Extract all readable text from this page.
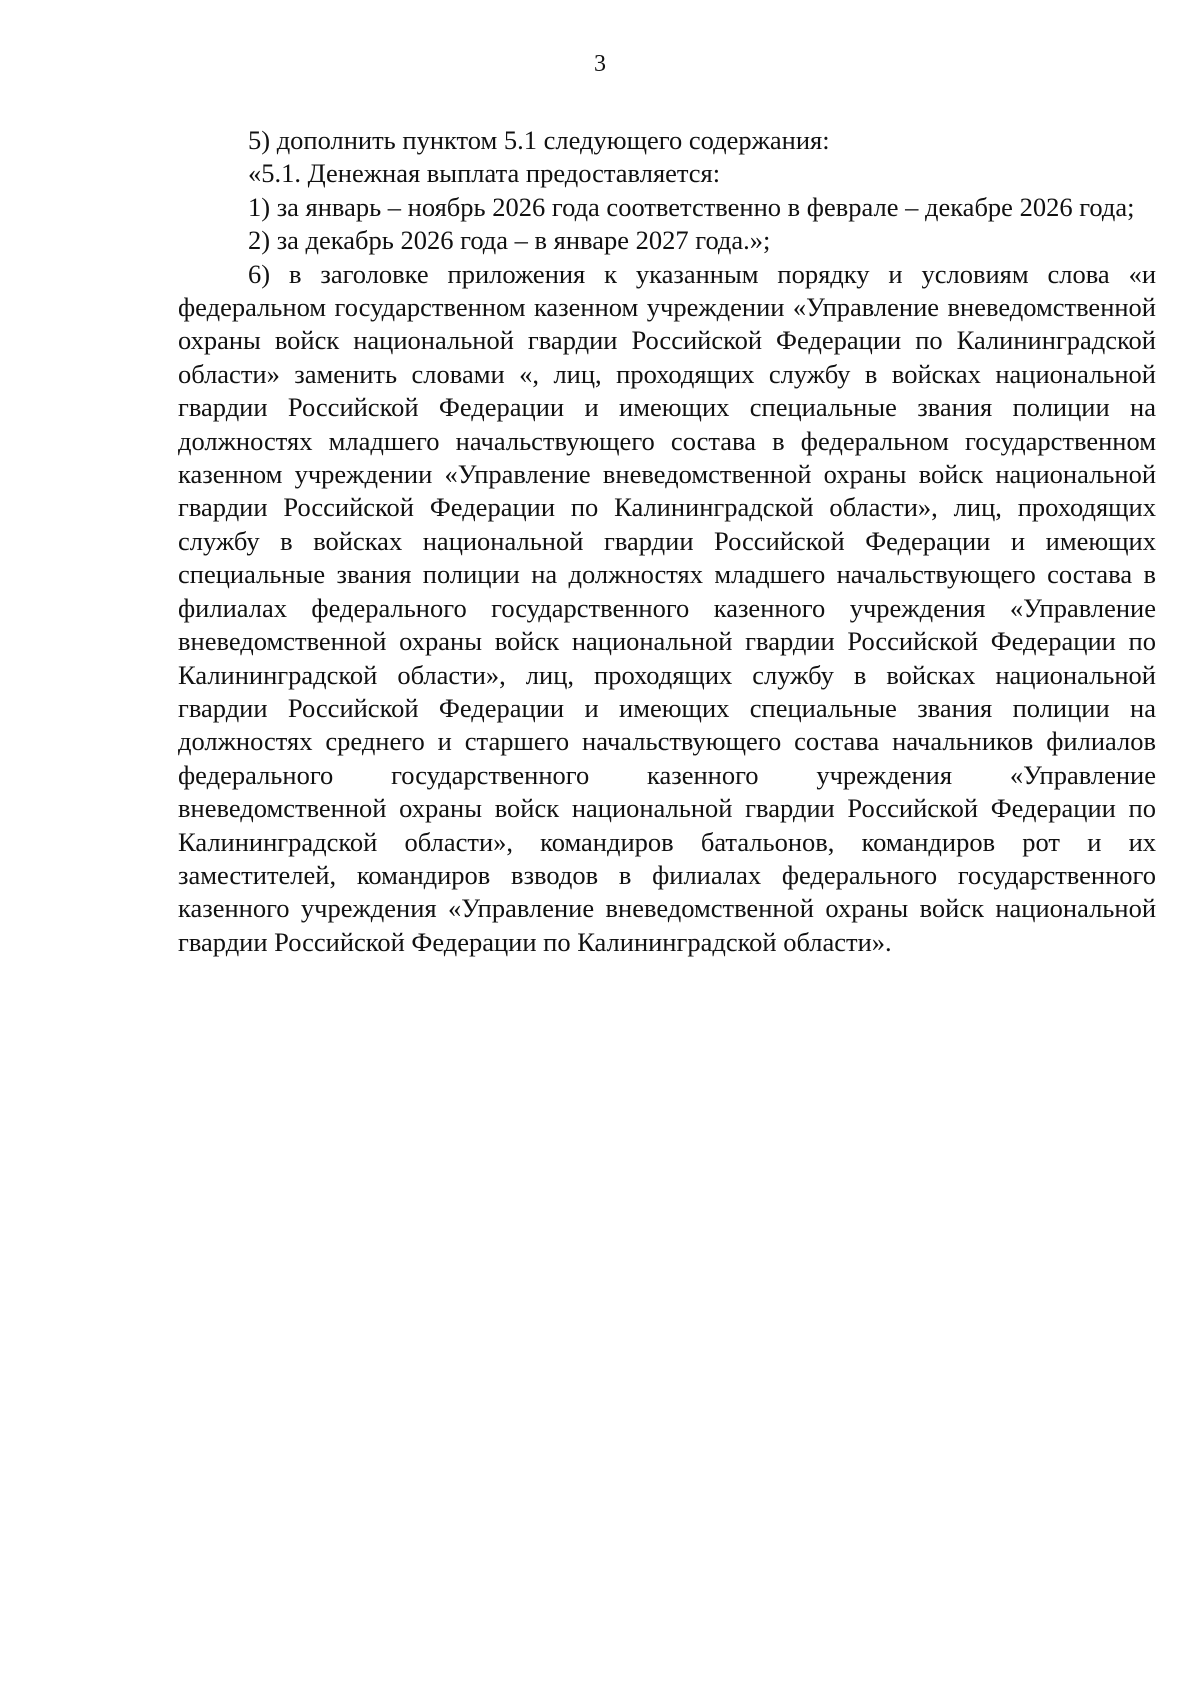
3

5) дополнить пунктом 5.1 следующего содержания:

«5.1. Денежная выплата предоставляется:

1) за январь – ноябрь 2026 года соответственно в феврале – декабре 2026 года;

2) за декабрь 2026 года – в январе 2027 года.»;

6) в заголовке приложения к указанным порядку и условиям слова «и федеральном государственном казенном учреждении «Управление вневедомственной охраны войск национальной гвардии Российской Федерации по Калининградской области» заменить словами «, лиц, проходящих службу в войсках национальной гвардии Российской Федерации и имеющих специальные звания полиции на должностях младшего начальствующего состава в федеральном государственном казенном учреждении «Управление вневедомственной охраны войск национальной гвардии Российской Федерации по Калининградской области», лиц, проходящих службу в войсках национальной гвардии Российской Федерации и имеющих специальные звания полиции на должностях младшего начальствующего состава в филиалах федерального государственного казенного учреждения «Управление вневедомственной охраны войск национальной гвардии Российской Федерации по Калининградской области», лиц, проходящих службу в войсках национальной гвардии Российской Федерации и имеющих специальные звания полиции на должностях среднего и старшего начальствующего состава начальников филиалов федерального государственного казенного учреждения «Управление вневедомственной охраны войск национальной гвардии Российской Федерации по Калининградской области», командиров батальонов, командиров рот и их заместителей, командиров взводов в филиалах федерального государственного казенного учреждения «Управление вневедомственной охраны войск национальной гвардии Российской Федерации по Калининградской области».
